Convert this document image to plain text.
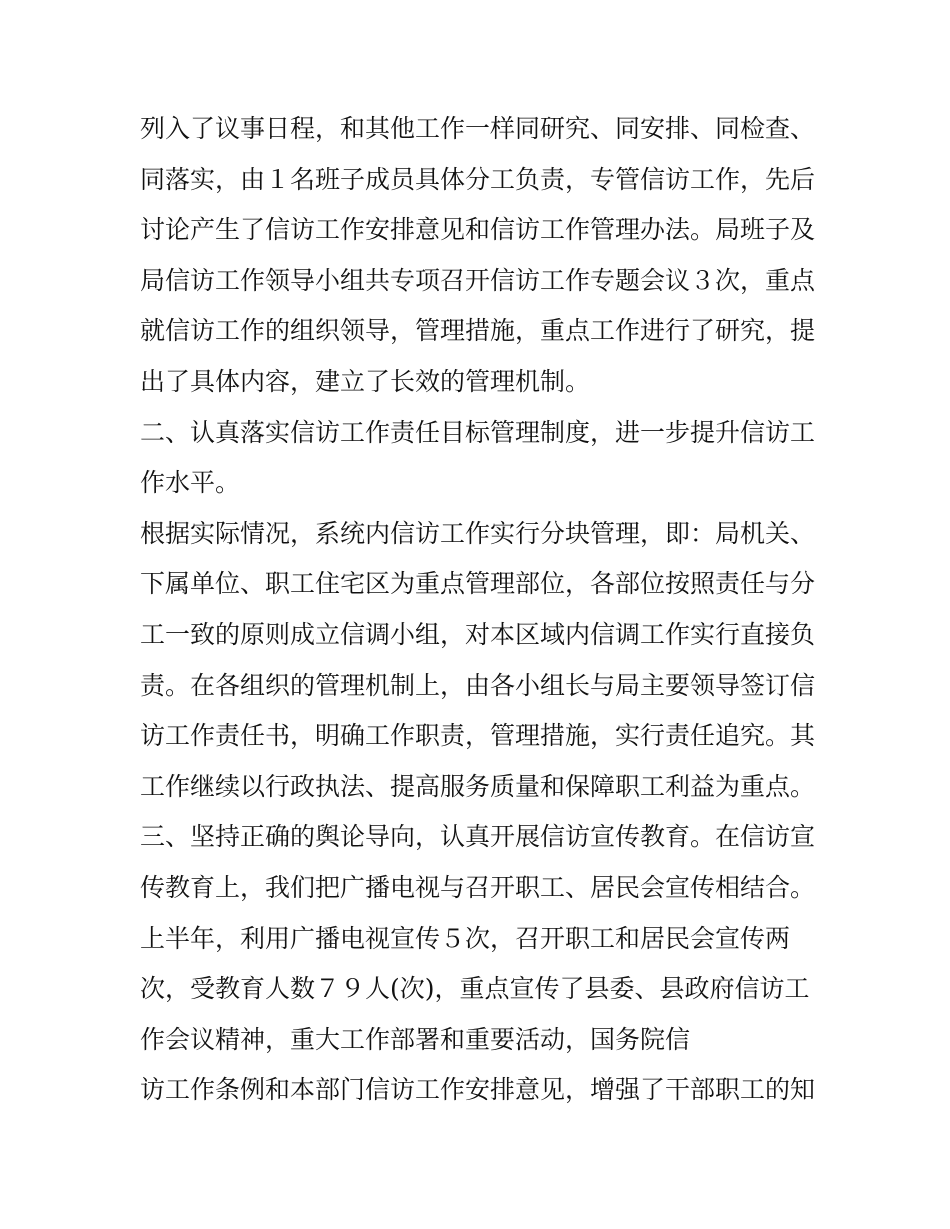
列入了议事日程，和其他工作一样同研究、同安排、同检查、
同落实，由１名班子成员具体分工负责，专管信访工作，先后
讨论产生了信访工作安排意见和信访工作管理办法。局班子及
局信访工作领导小组共专项召开信访工作专题会议３次，重点
就信访工作的组织领导，管理措施，重点工作进行了研究，提
出了具体内容，建立了长效的管理机制。
二、认真落实信访工作责任目标管理制度，进一步提升信访工
作水平。
根据实际情况，系统内信访工作实行分块管理，即：局机关、
下属单位、职工住宅区为重点管理部位，各部位按照责任与分
工一致的原则成立信调小组，对本区域内信调工作实行直接负
责。在各组织的管理机制上，由各小组长与局主要领导签订信
访工作责任书，明确工作职责，管理措施，实行责任追究。其
工作继续以行政执法、提高服务质量和保障职工利益为重点。
三、坚持正确的舆论导向，认真开展信访宣传教育。在信访宣
传教育上，我们把广播电视与召开职工、居民会宣传相结合。
上半年，利用广播电视宣传５次，召开职工和居民会宣传两
次，受教育人数７９人(次)，重点宣传了县委、县政府信访工
作会议精神，重大工作部署和重要活动，国务院信
访工作条例和本部门信访工作安排意见，增强了干部职工的知
